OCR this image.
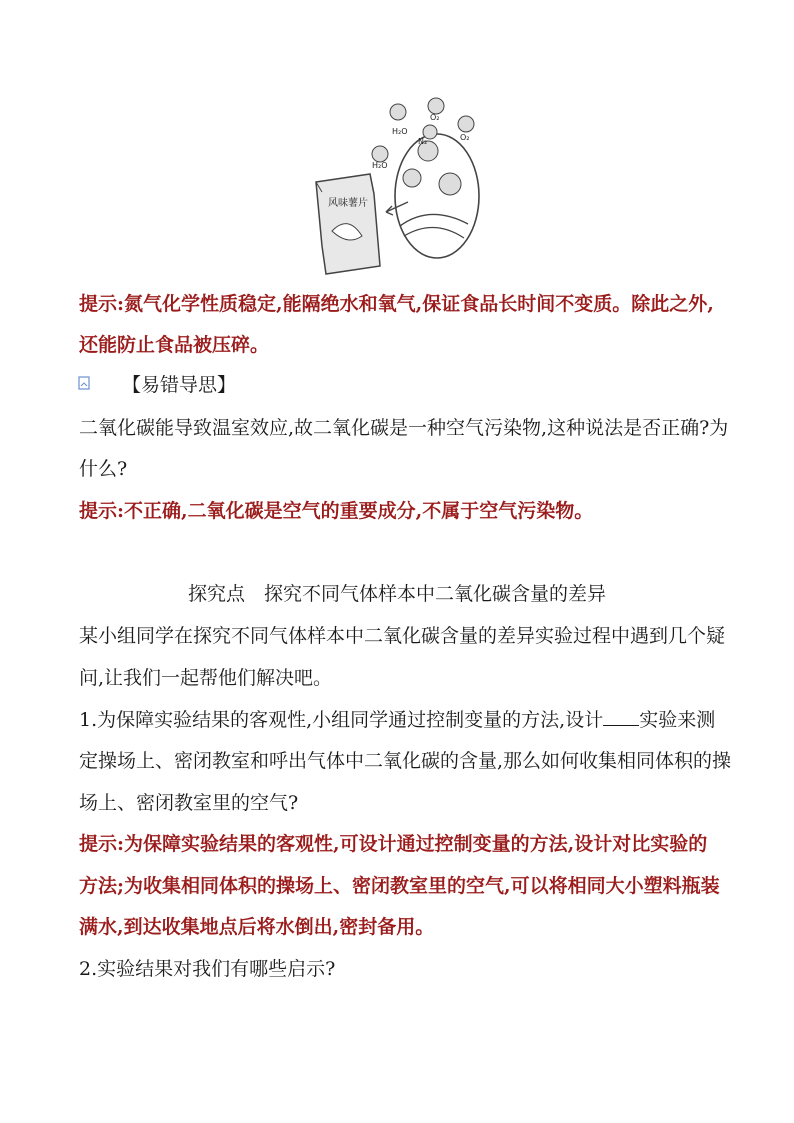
风味薯片
H₂O
O₂
N₂	O₂
H₂O
提示:氮气化学性质稳定,能隔绝水和氧气,保证食品长时间不变质。除此之外,
还能防止食品被压碎。
【易错导思】
二氧化碳能导致温室效应,故二氧化碳是一种空气污染物,这种说法是否正确?为
什么?
提示:不正确,二氧化碳是空气的重要成分,不属于空气污染物。
探究点　探究不同气体样本中二氧化碳含量的差异
某小组同学在探究不同气体样本中二氧化碳含量的差异实验过程中遇到几个疑
问,让我们一起帮他们解决吧。
1.为保障实验结果的客观性,小组同学通过控制变量的方法,设计 实验来测
定操场上、密闭教室和呼出气体中二氧化碳的含量,那么如何收集相同体积的操
场上、密闭教室里的空气?
提示:为保障实验结果的客观性,可设计通过控制变量的方法,设计对比实验的
方法;为收集相同体积的操场上、密闭教室里的空气,可以将相同大小塑料瓶装
满水,到达收集地点后将水倒出,密封备用。
2.实验结果对我们有哪些启示?
